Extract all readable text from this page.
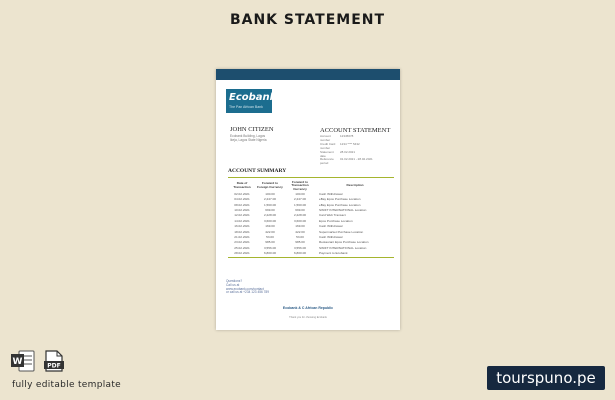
BANK STATEMENT
Ecobank
The Pan African Bank
JOHN CITIZEN
Ecobank Building, Lagos
Ikeja, Lagos State Nigeria
ACCOUNT STATEMENT
Account number
12345678
Credit Card number
1234 **** 5432
Statement date
28.02.2021
Reference period
01.02.2021 - 28.02.2021
ACCOUNT SUMMARY
Date of Transaction	Forward to Foreign Currency	Forward to Transaction Currency	Description
02.02.2021	100.00	100.00	Cash Withdrawal
04.02.2021	2,247.00	2,247.00	eBay Epos Purchase Location
08.02.2021	1,560.00	1,560.00	eBay Epos Purchase Location
10.02.2021	699.00	699.00	SWIFT INTERNATIONAL Location
12.02.2021	2,228.00	2,228.00	Card Web Transact
14.02.2021	3,600.00	3,600.00	Epos Purchase Location
16.02.2021	169.00	169.00	Cash Withdrawal
18.02.2021	422.00	422.00	Supermarket Purchase Location
21.02.2021	53.00	53.00	Cash Withdrawal
23.02.2021	985.00	985.00	Restaurant Epos Purchase Location
25.02.2021	3,556.00	3,556.00	SWIFT INTERNATIONAL Location
28.02.2021	6,800.00	6,800.00	Payment to Ecobank
Questions?
Call us at
www.ecobank.com/contact
or call us at +234 123 456 789
Ecobank & C African Republic
Thank you for choosing Ecobank
W	PDF
fully editable template	tourspuno.pe
